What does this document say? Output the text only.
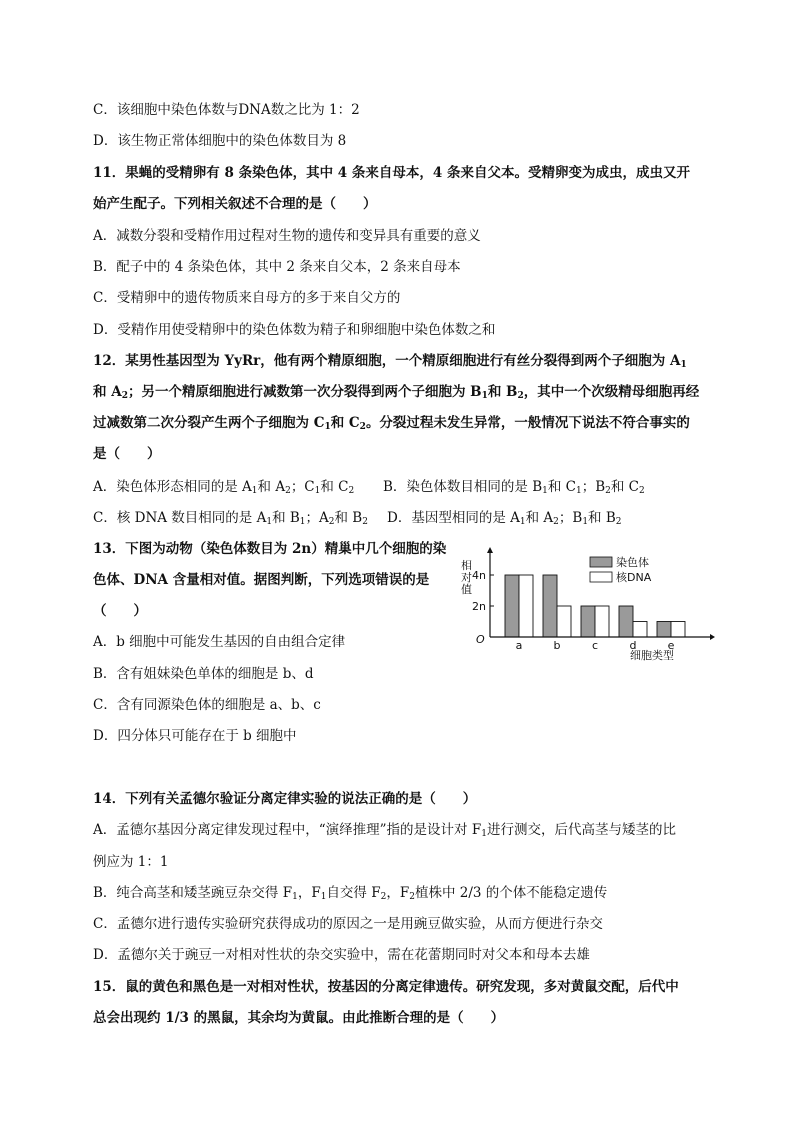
C．该细胞中染色体数与DNA数之比为 1：2
D．该生物正常体细胞中的染色体数目为 8
11．果蝇的受精卵有 8 条染色体，其中 4 条来自母本，4 条来自父本。受精卵变为成虫，成虫又开
始产生配子。下列相关叙述不合理的是（　　）
A．减数分裂和受精作用过程对生物的遗传和变异具有重要的意义
B．配子中的 4 条染色体，其中 2 条来自父本，2 条来自母本
C．受精卵中的遗传物质来自母方的多于来自父方的
D．受精作用使受精卵中的染色体数为精子和卵细胞中染色体数之和
12．某男性基因型为 YyRr，他有两个精原细胞，一个精原细胞进行有丝分裂得到两个子细胞为 $A_1$
和 $A_2$；另一个精原细胞进行减数第一次分裂得到两个子细胞为 $B_1$和 $B_2$，其中一个次级精母细胞再经
过减数第二次分裂产生两个子细胞为 $C_1$和 $C_2$。分裂过程未发生异常，一般情况下说法不符合事实的
是（　　）
A．染色体形态相同的是 $A_1$和 $A_2$；$C_1$和 $C_2$ B．染色体数目相同的是 $B_1$和 $C_1$；$B_2$和 $C_2$
C．核 DNA 数目相同的是 $A_1$和 $B_1$；$A_2$和 $B_2$ D．基因型相同的是 $A_1$和 $A_2$；$B_1$和 $B_2$
13．下图为动物（染色体数目为 2n）精巢中几个细胞的染
色体、DNA 含量相对值。据图判断，下列选项错误的是
（　　）
A．b 细胞中可能发生基因的自由组合定律
B．含有姐妹染色单体的细胞是 b、d
C．含有同源染色体的细胞是 a、b、c
D．四分体只可能存在于 b 细胞中
a	b	c	d	e
2n
4n
O
相对值
细胞类型
染色体
核DNA
14．下列有关孟德尔验证分离定律实验的说法正确的是（　　）
A．孟德尔基因分离定律发现过程中，“演绎推理”指的是设计对 $F_1$进行测交，后代高茎与矮茎的比
例应为 1：1
B．纯合高茎和矮茎豌豆杂交得 $F_1$，$F_1$自交得 $F_2$，$F_2$植株中 2/3 的个体不能稳定遗传
C．孟德尔进行遗传实验研究获得成功的原因之一是用豌豆做实验，从而方便进行杂交
D．孟德尔关于豌豆一对相对性状的杂交实验中，需在花蕾期同时对父本和母本去雄
15．鼠的黄色和黑色是一对相对性状，按基因的分离定律遗传。研究发现，多对黄鼠交配，后代中
总会出现约 1/3 的黑鼠，其余均为黄鼠。由此推断合理的是（　　）
